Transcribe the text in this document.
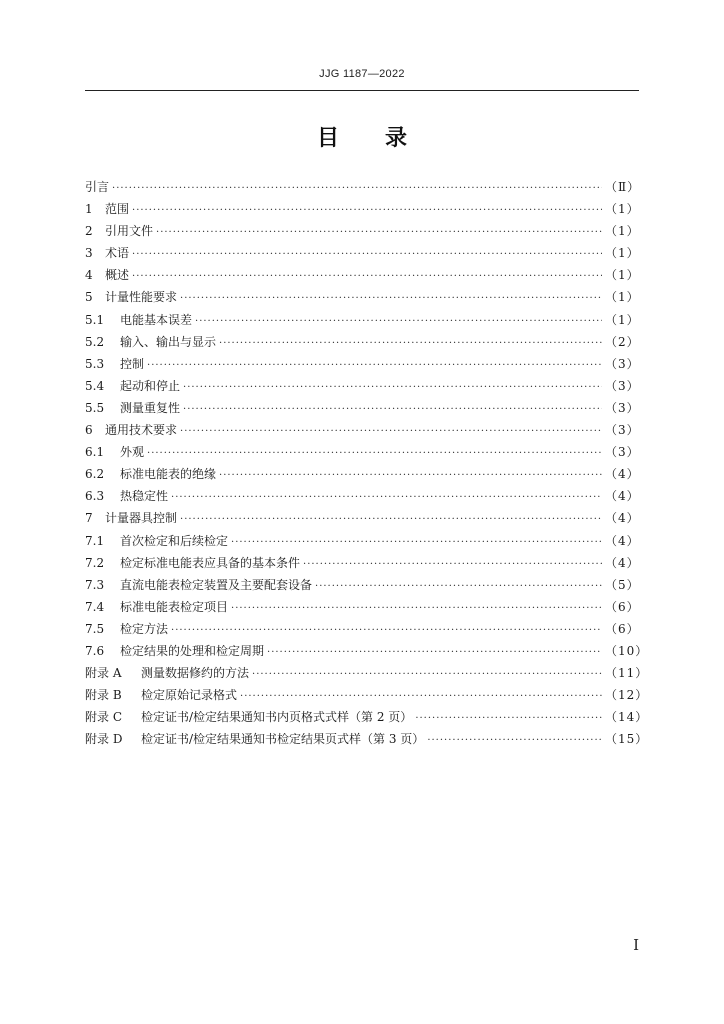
JJG 1187—2022
目 录
引言 ·····	（Ⅱ）
1	范围 ·····	（1）
2	引用文件 ·····	（1）
3	术语 ·····	（1）
4	概述 ·····	（1）
5	计量性能要求 ·····	（1）
5.1	电能基本误差 ·····	（1）
5.2	输入、输出与显示 ·····	（2）
5.3	控制 ·····	（3）
5.4	起动和停止 ·····	（3）
5.5	测量重复性 ·····	（3）
6	通用技术要求 ·····	（3）
6.1	外观 ·····	（3）
6.2	标准电能表的绝缘 ·····	（4）
6.3	热稳定性 ·····	（4）
7	计量器具控制 ·····	（4）
7.1	首次检定和后续检定 ·····	（4）
7.2	检定标准电能表应具备的基本条件 ·····	（4）
7.3	直流电能表检定装置及主要配套设备 ·····	（5）
7.4	标准电能表检定项目 ·····	（6）
7.5	检定方法 ·····	（6）
7.6	检定结果的处理和检定周期 ·····	（10）
附录 A	测量数据修约的方法 ·····	（11）
附录 B	检定原始记录格式 ·····	（12）
附录 C	检定证书/检定结果通知书内页格式式样（第 2 页） ·····	（14）
附录 D	检定证书/检定结果通知书检定结果页式样（第 3 页） ·····	（15）
I
